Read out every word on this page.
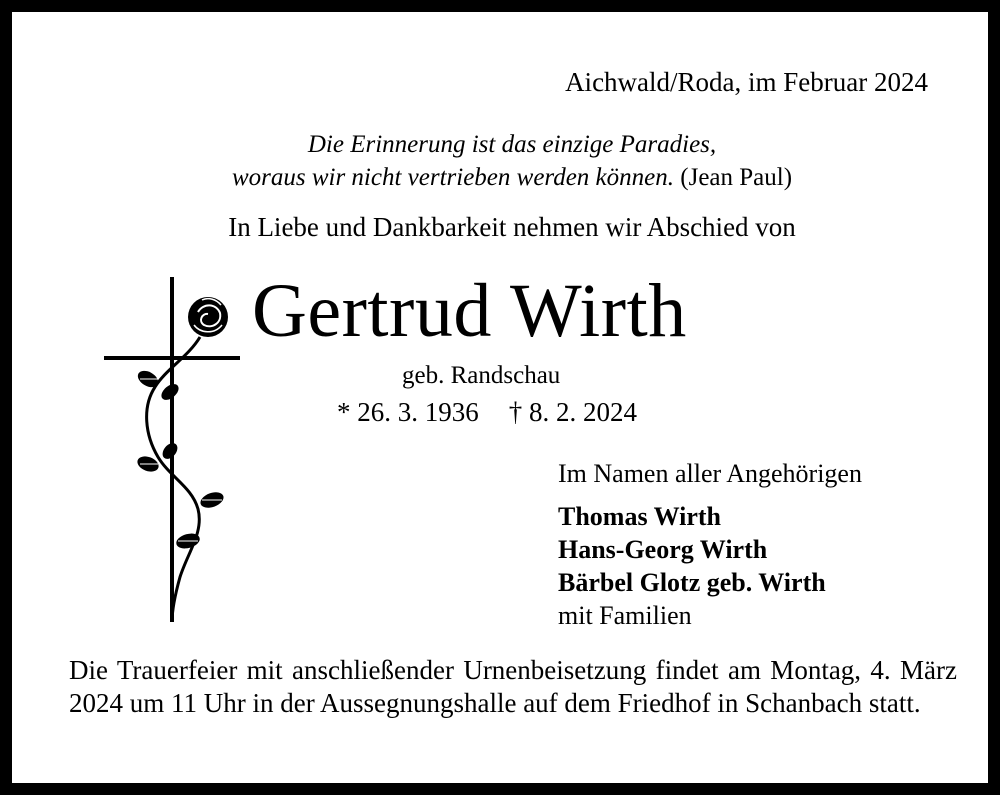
Aichwald/Roda, im Februar 2024
Die Erinnerung ist das einzige Paradies,
woraus wir nicht vertrieben werden können. (Jean Paul)
In Liebe und Dankbarkeit nehmen wir Abschied von
Gertrud Wirth
geb. Randschau
* 26. 3. 1936 † 8. 2. 2024
Im Namen aller Angehörigen
Thomas Wirth
Hans-Georg Wirth
Bärbel Glotz geb. Wirth
mit Familien
Die Trauerfeier mit anschließender Urnenbeisetzung findet am Montag, 4. März 2024 um 11 Uhr in der Aussegnungshalle auf dem Friedhof in Schanbach statt.
